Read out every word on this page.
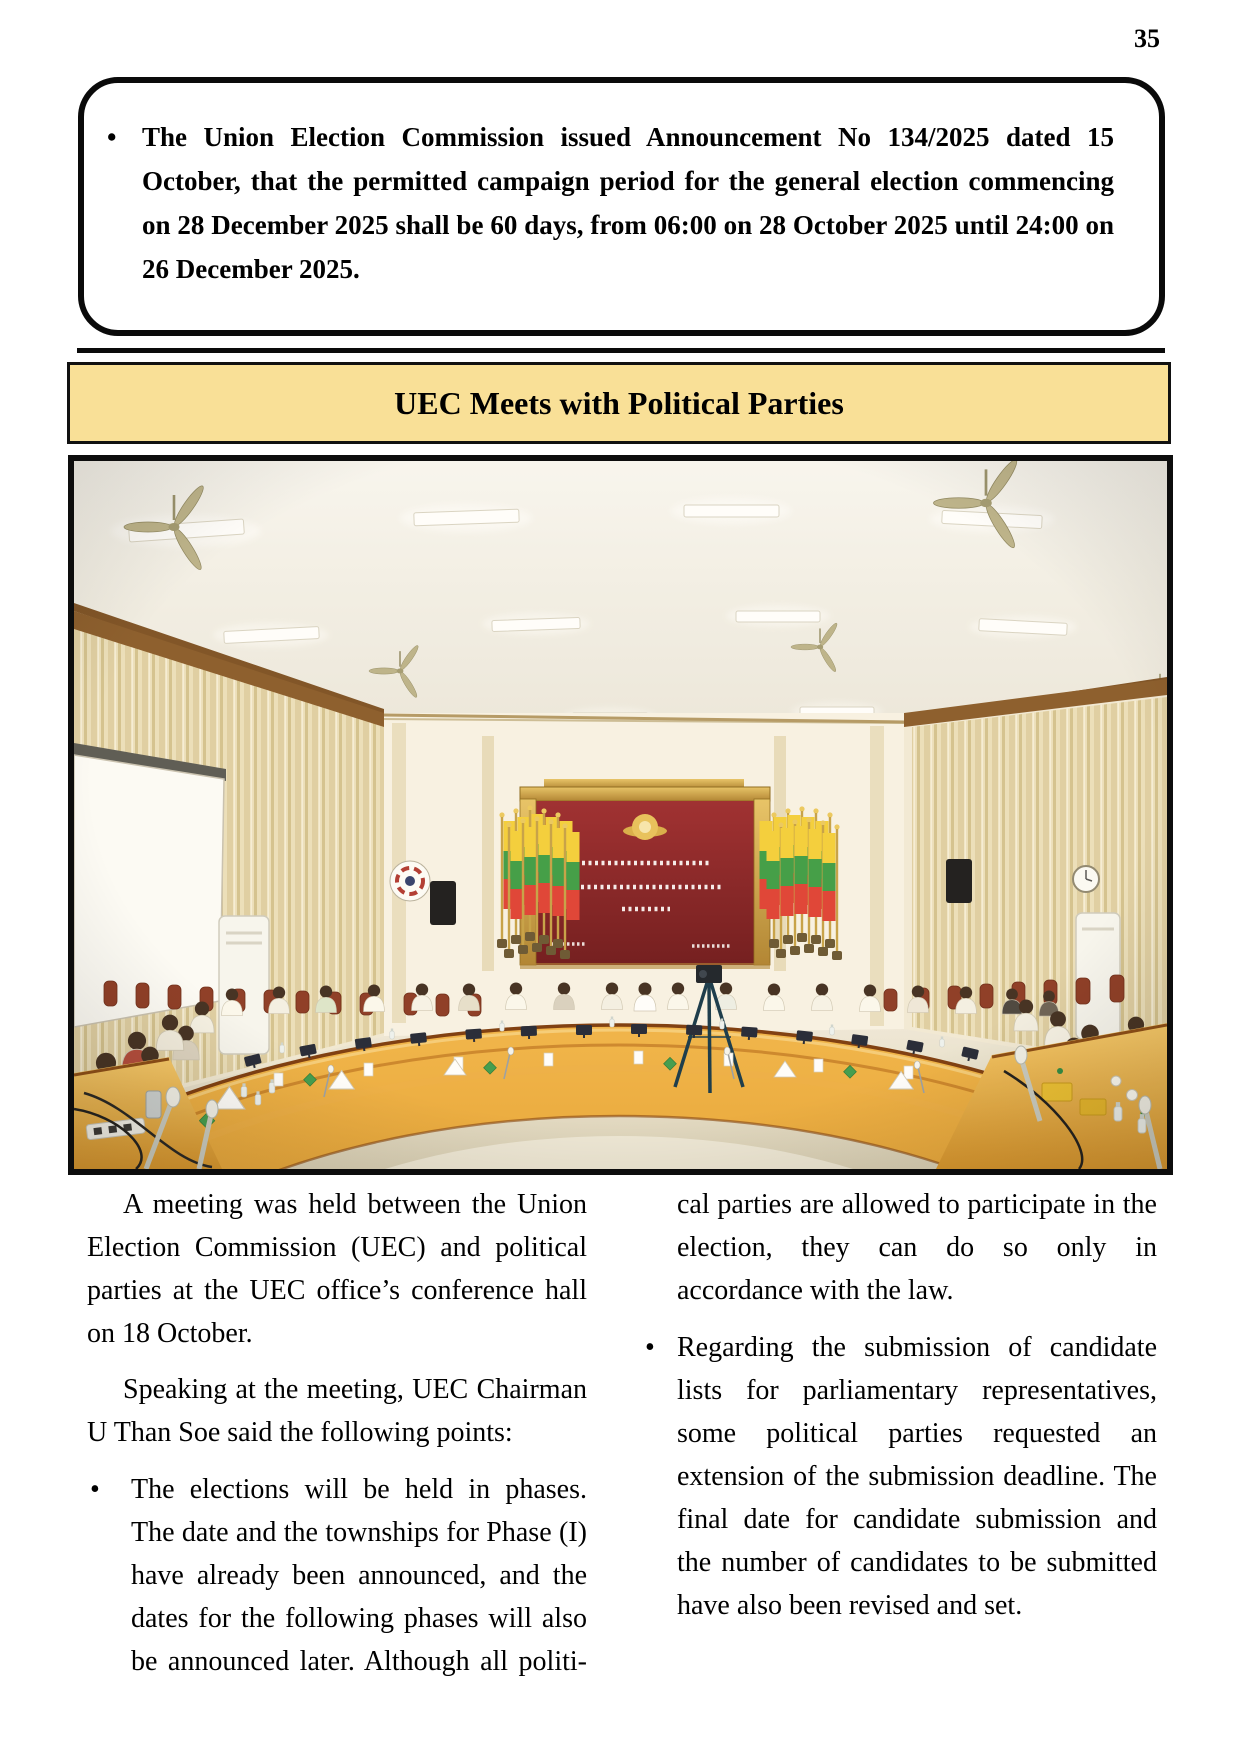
35
• The Union Election Commission issued Announcement No 134/2025 dated 15 October, that the permitted campaign period for the general election commencing on 28 December 2025 shall be 60 days, from 06:00 on 28 October 2025 until 24:00 on 26 December 2025.
UEC Meets with Political Parties

A meeting was held between the Union Election Commission (UEC) and political parties at the UEC office’s conference hall on 18 October.

Speaking at the meeting, UEC Chairman U Than Soe said the following points:

•	The elections will be held in phases. The date and the townships for Phase (I) have already been announced, and the dates for the following phases will also be announced later. Although all politi-

cal parties are allowed to participate in the election, they can do so only in accordance with the law.

• Regarding the submission of candidate lists for parliamentary representatives, some political parties requested an extension of the submission deadline. The final date for candidate submission and the number of candidates to be submitted have also been revised and set.
